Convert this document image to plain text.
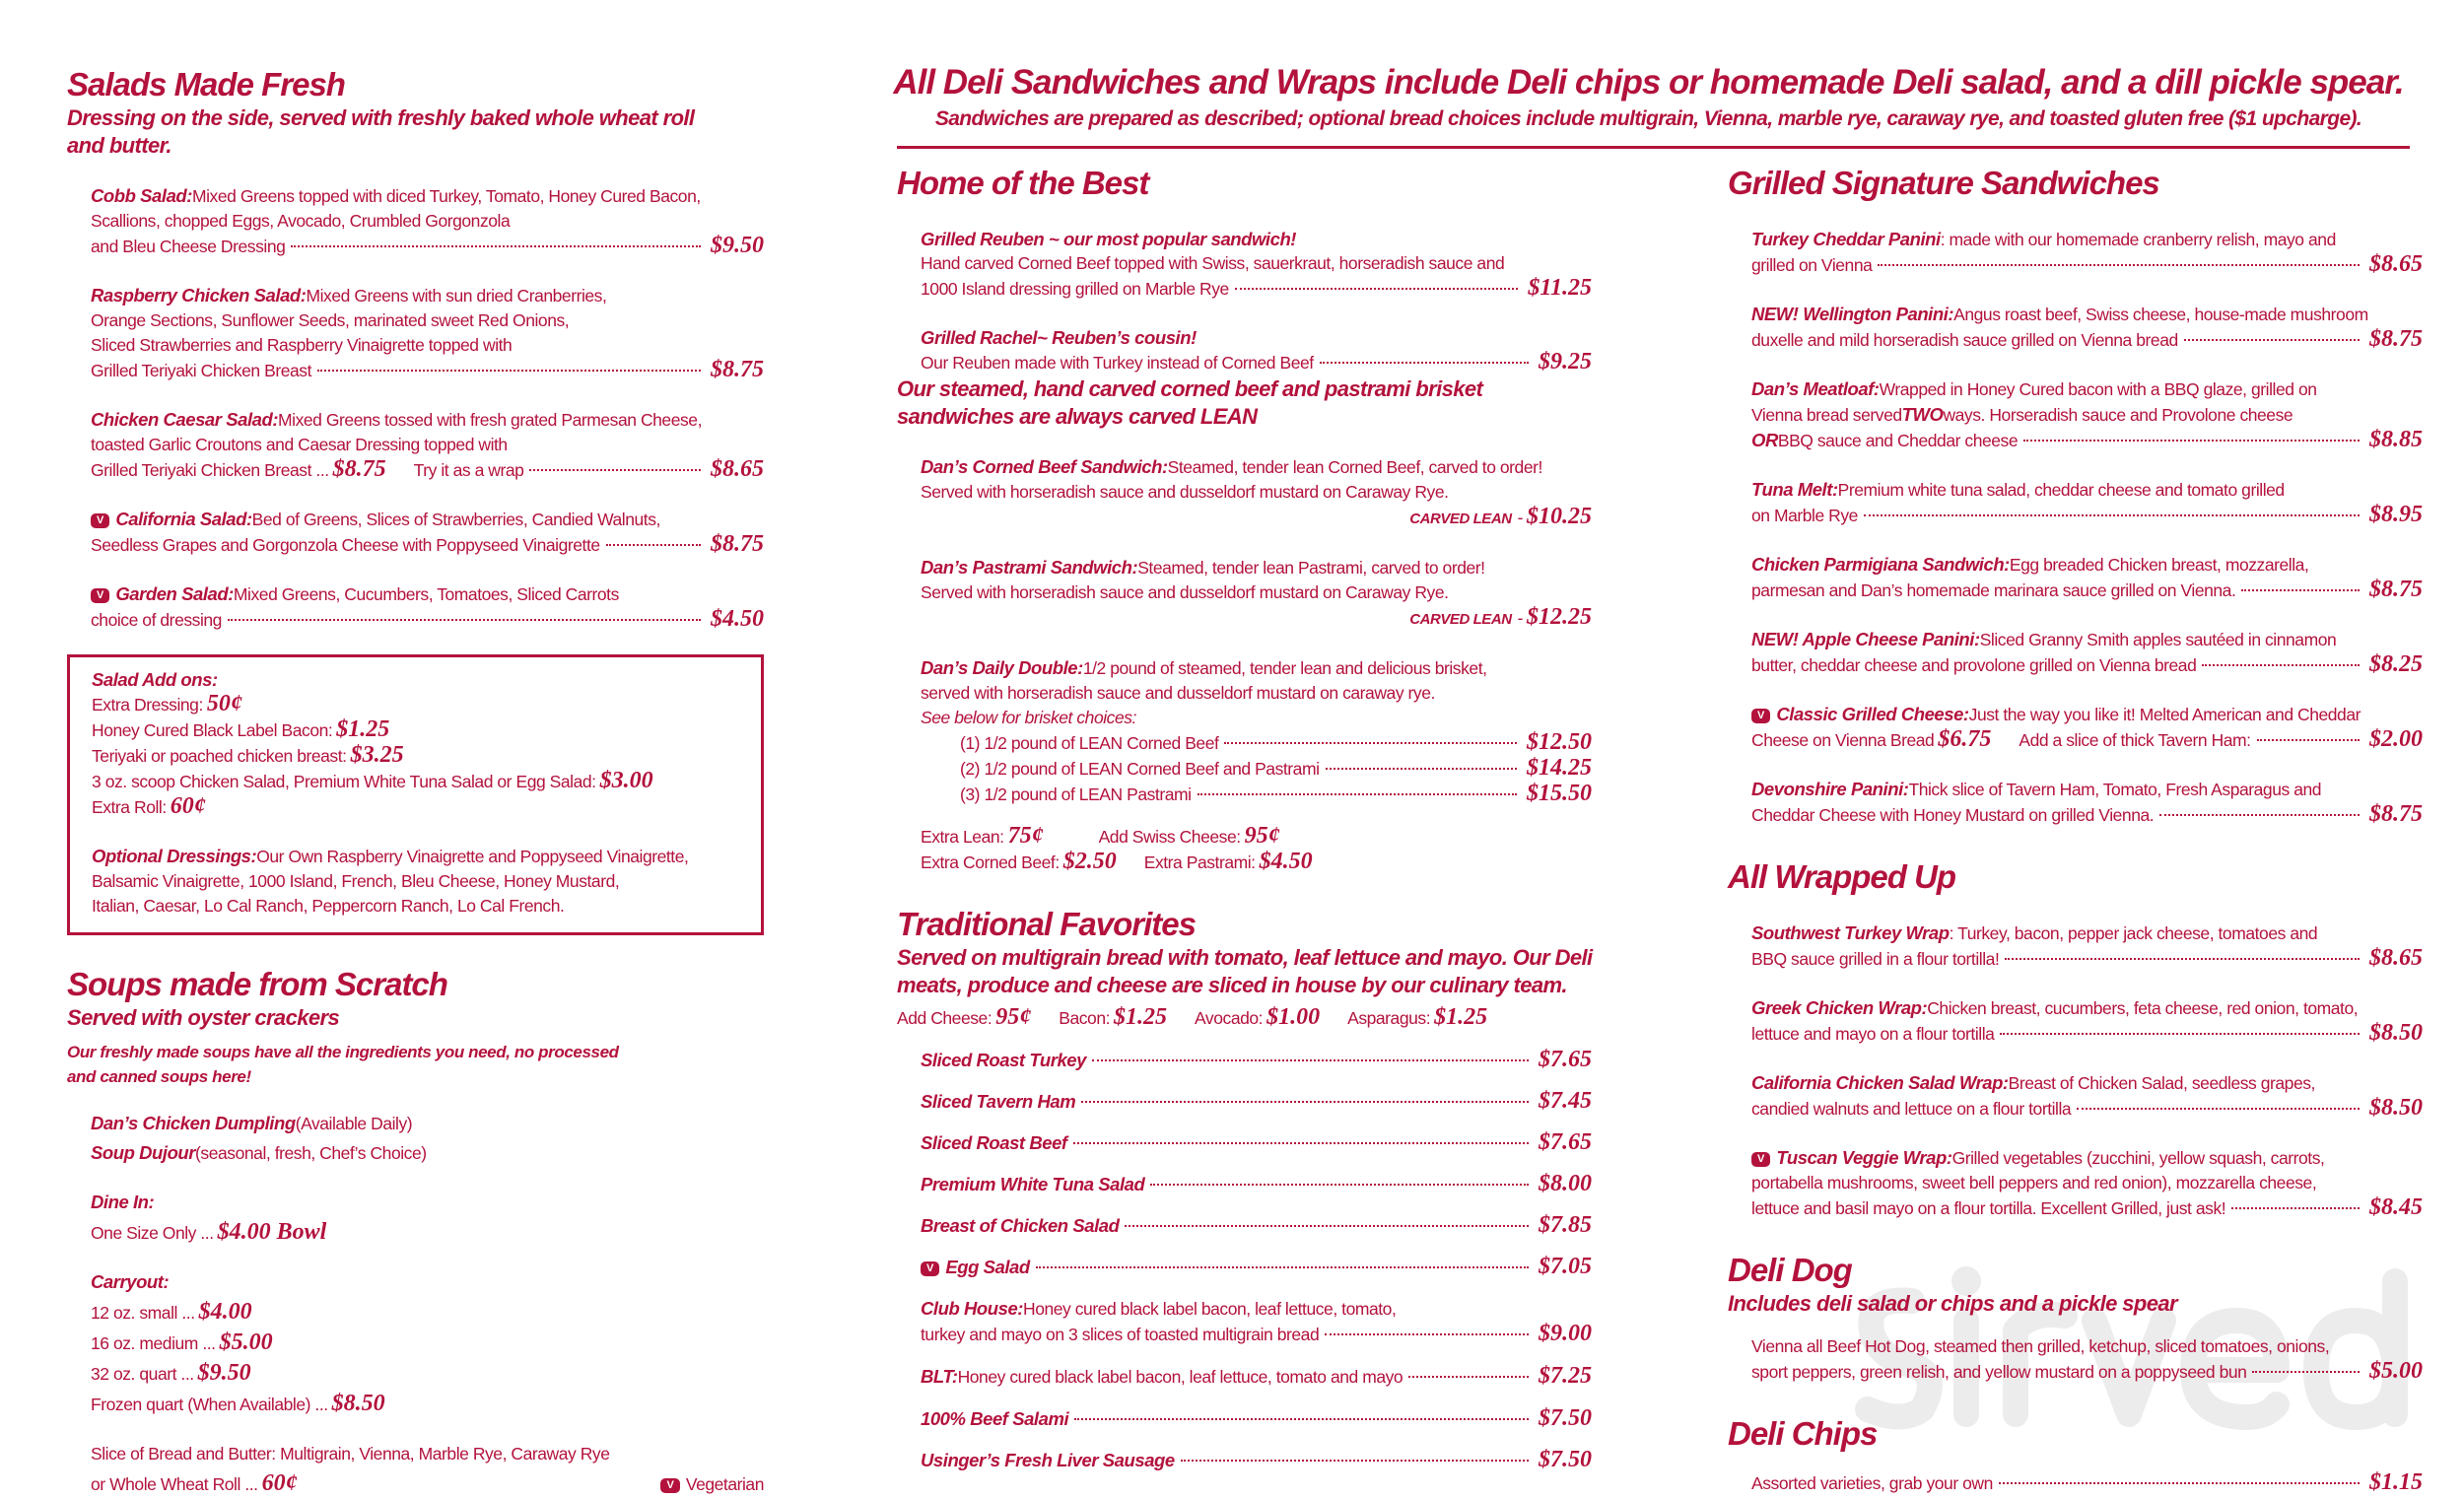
All Deli Sandwiches and Wraps include Deli chips or homemade Deli salad, and a dill pickle spear.
Sandwiches are prepared as described; optional bread choices include multigrain, Vienna, marble rye, caraway rye, and toasted gluten free ($1 upcharge).
Salads Made Fresh
Dressing on the side, served with freshly baked whole wheat roll
and butter.
Cobb Salad: Mixed Greens topped with diced Turkey, Tomato, Honey Cured Bacon,
Scallions, chopped Eggs, Avocado, Crumbled Gorgonzola
and Bleu Cheese Dressing	$9.50
Raspberry Chicken Salad: Mixed Greens with sun dried Cranberries,
Orange Sections, Sunflower Seeds, marinated sweet Red Onions,
Sliced Strawberries and Raspberry Vinaigrette topped with
Grilled Teriyaki Chicken Breast	$8.75
Chicken Caesar Salad: Mixed Greens tossed with fresh grated Parmesan Cheese,
toasted Garlic Croutons and Caesar Dressing topped with
Grilled Teriyaki Chicken Breast ... $8.75 Try it as a wrap	$8.65
V California Salad: Bed of Greens, Slices of Strawberries, Candied Walnuts,
Seedless Grapes and Gorgonzola Cheese with Poppyseed Vinaigrette	$8.75
V Garden Salad: Mixed Greens, Cucumbers, Tomatoes, Sliced Carrots
choice of dressing	$4.50
Salad Add ons:
Extra Dressing: 50¢
Honey Cured Black Label Bacon: $1.25
Teriyaki or poached chicken breast: $3.25
3 oz. scoop Chicken Salad, Premium White Tuna Salad or Egg Salad: $3.00
Extra Roll: 60¢
Optional Dressings: Our Own Raspberry Vinaigrette and Poppyseed Vinaigrette,
Balsamic Vinaigrette, 1000 Island, French, Bleu Cheese, Honey Mustard,
Italian, Caesar, Lo Cal Ranch, Peppercorn Ranch, Lo Cal French.
Soups made from Scratch
Served with oyster crackers
Our freshly made soups have all the ingredients you need, no processed
and canned soups here!
Dan’s Chicken Dumpling (Available Daily)
Soup Dujour (seasonal, fresh, Chef’s Choice)
Dine In:
One Size Only ... $4.00 Bowl
Carryout:
12 oz. small ... $4.00
16 oz. medium ... $5.00
32 oz. quart ... $9.50
Frozen quart (When Available) ... $8.50
Slice of Bread and Butter: Multigrain, Vienna, Marble Rye, Caraway Rye
or Whole Wheat Roll ... 60¢	V Vegetarian
Home of the Best
Grilled Reuben ~ our most popular sandwich!
Hand carved Corned Beef topped with Swiss, sauerkraut, horseradish sauce and
1000 Island dressing grilled on Marble Rye	$11.25
Grilled Rachel~ Reuben’s cousin!
Our Reuben made with Turkey instead of Corned Beef	$9.25
Our steamed, hand carved corned beef and pastrami brisket
sandwiches are always carved LEAN
Dan’s Corned Beef Sandwich: Steamed, tender lean Corned Beef, carved to order!
Served with horseradish sauce and dusseldorf mustard on Caraway Rye.
CARVED LEAN - $10.25
Dan’s Pastrami Sandwich: Steamed, tender lean Pastrami, carved to order!
Served with horseradish sauce and dusseldorf mustard on Caraway Rye.
CARVED LEAN - $12.25
Dan’s Daily Double: 1/2 pound of steamed, tender lean and delicious brisket,
served with horseradish sauce and dusseldorf mustard on caraway rye.
See below for brisket choices:
(1) 1/2 pound of LEAN Corned Beef	$12.50
(2) 1/2 pound of LEAN Corned Beef and Pastrami	$14.25
(3) 1/2 pound of LEAN Pastrami	$15.50
Extra Lean: 75¢	Add Swiss Cheese: 95¢
Extra Corned Beef: $2.50 Extra Pastrami: $4.50
Traditional Favorites
Served on multigrain bread with tomato, leaf lettuce and mayo. Our Deli
meats, produce and cheese are sliced in house by our culinary team.
Add Cheese: 95¢ Bacon: $1.25 Avocado: $1.00 Asparagus: $1.25
Sliced Roast Turkey	$7.65
Sliced Tavern Ham	$7.45
Sliced Roast Beef	$7.65
Premium White Tuna Salad	$8.00
Breast of Chicken Salad	$7.85
V Egg Salad	$7.05
Club House: Honey cured black label bacon, leaf lettuce, tomato,
turkey and mayo on 3 slices of toasted multigrain bread	$9.00
BLT: Honey cured black label bacon, leaf lettuce, tomato and mayo	$7.25
100% Beef Salami	$7.50
Usinger’s Fresh Liver Sausage	$7.50
Grilled Signature Sandwiches
Turkey Cheddar Panini : made with our homemade cranberry relish, mayo and
grilled on Vienna	$8.65
NEW! Wellington Panini: Angus roast beef, Swiss cheese, house-made mushroom
duxelle and mild horseradish sauce grilled on Vienna bread	$8.75
Dan’s Meatloaf: Wrapped in Honey Cured bacon with a BBQ glaze, grilled on
Vienna bread served TWO ways. Horseradish sauce and Provolone cheese
OR BBQ sauce and Cheddar cheese	$8.85
Tuna Melt: Premium white tuna salad, cheddar cheese and tomato grilled
on Marble Rye	$8.95
Chicken Parmigiana Sandwich: Egg breaded Chicken breast, mozzarella,
parmesan and Dan’s homemade marinara sauce grilled on Vienna.	$8.75
NEW! Apple Cheese Panini: Sliced Granny Smith apples sautéed in cinnamon
butter, cheddar cheese and provolone grilled on Vienna bread	$8.25
V Classic Grilled Cheese: Just the way you like it! Melted American and Cheddar
Cheese on Vienna Bread $6.75 Add a slice of thick Tavern Ham:	$2.00
Devonshire Panini: Thick slice of Tavern Ham, Tomato, Fresh Asparagus and
Cheddar Cheese with Honey Mustard on grilled Vienna.	$8.75
All Wrapped Up
Southwest Turkey Wrap : Turkey, bacon, pepper jack cheese, tomatoes and
BBQ sauce grilled in a flour tortilla!	$8.65
Greek Chicken Wrap: Chicken breast, cucumbers, feta cheese, red onion, tomato,
lettuce and mayo on a flour tortilla	$8.50
California Chicken Salad Wrap: Breast of Chicken Salad, seedless grapes,
candied walnuts and lettuce on a flour tortilla	$8.50
V Tuscan Veggie Wrap: Grilled vegetables (zucchini, yellow squash, carrots,
portabella mushrooms, sweet bell peppers and red onion), mozzarella cheese,
lettuce and basil mayo on a flour tortilla. Excellent Grilled, just ask!	$8.45
Deli Dog
Includes deli salad or chips and a pickle spear
Vienna all Beef Hot Dog, steamed then grilled, ketchup, sliced tomatoes, onions,
sport peppers, green relish, and yellow mustard on a poppyseed bun	$5.00
Deli Chips
Assorted varieties, grab your own	$1.15
